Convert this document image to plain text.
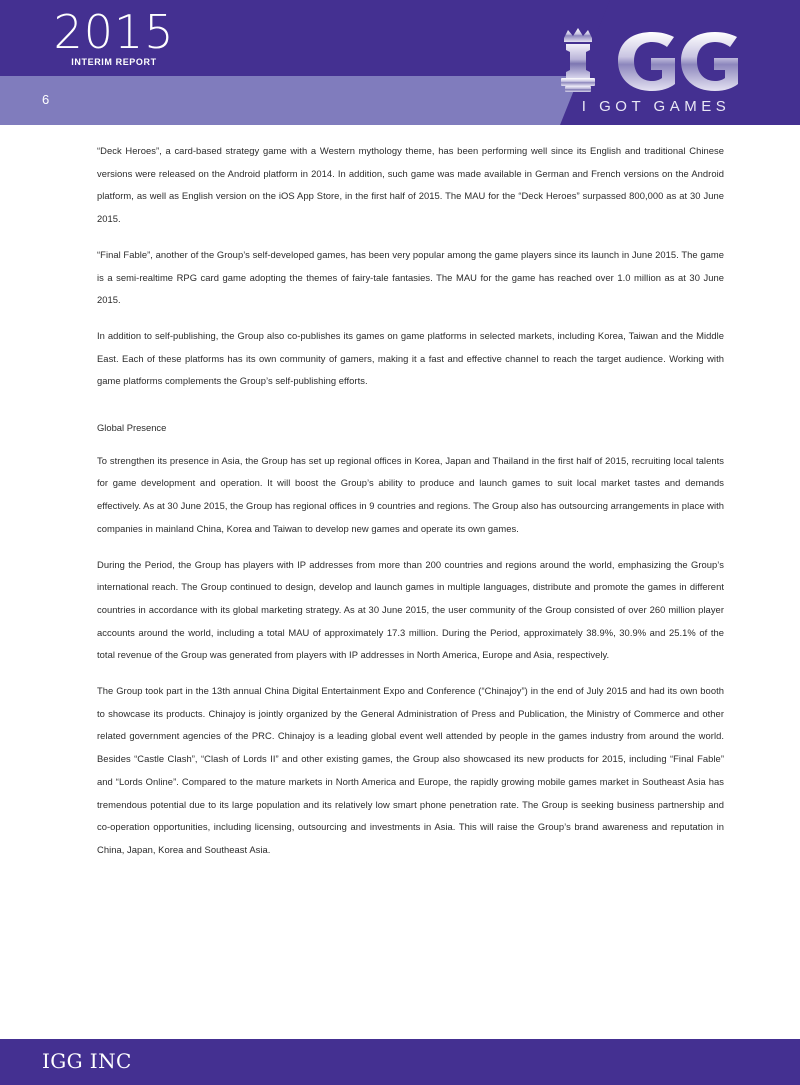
2015
INTERIM REPORT
6	I GOT GAMES

“Deck Heroes”, a card-based strategy game with a Western mythology theme, has been performing well since its English and traditional Chinese versions were released on the Android platform in 2014. In addition, such game was made available in German and French versions on the Android platform, as well as English version on the iOS App Store, in the first half of 2015. The MAU for the “Deck Heroes” surpassed 800,000 as at 30 June 2015.

“Final Fable”, another of the Group’s self-developed games, has been very popular among the game players since its launch in June 2015. The game is a semi-realtime RPG card game adopting the themes of fairy-tale fantasies. The MAU for the game has reached over 1.0 million as at 30 June 2015.

In addition to self-publishing, the Group also co-publishes its games on game platforms in selected markets, including Korea, Taiwan and the Middle East. Each of these platforms has its own community of gamers, making it a fast and effective channel to reach the target audience. Working with game platforms complements the Group’s self-publishing efforts.

Global Presence

To strengthen its presence in Asia, the Group has set up regional offices in Korea, Japan and Thailand in the first half of 2015, recruiting local talents for game development and operation. It will boost the Group’s ability to produce and launch games to suit local market tastes and demands effectively. As at 30 June 2015, the Group has regional offices in 9 countries and regions. The Group also has outsourcing arrangements in place with companies in mainland China, Korea and Taiwan to develop new games and operate its own games.

During the Period, the Group has players with IP addresses from more than 200 countries and regions around the world, emphasizing the Group’s international reach. The Group continued to design, develop and launch games in multiple languages, distribute and promote the games in different countries in accordance with its global marketing strategy. As at 30 June 2015, the user community of the Group consisted of over 260 million player accounts around the world, including a total MAU of approximately 17.3 million. During the Period, approximately 38.9%, 30.9% and 25.1% of the total revenue of the Group was generated from players with IP addresses in North America, Europe and Asia, respectively.

The Group took part in the 13th annual China Digital Entertainment Expo and Conference (“Chinajoy”) in the end of July 2015 and had its own booth to showcase its products. Chinajoy is jointly organized by the General Administration of Press and Publication, the Ministry of Commerce and other related government agencies of the PRC. Chinajoy is a leading global event well attended by people in the games industry from around the world. Besides “Castle Clash”, “Clash of Lords II” and other existing games, the Group also showcased its new products for 2015, including “Final Fable” and “Lords Online”. Compared to the mature markets in North America and Europe, the rapidly growing mobile games market in Southeast Asia has tremendous potential due to its large population and its relatively low smart phone penetration rate. The Group is seeking business partnership and co-operation opportunities, including licensing, outsourcing and investments in Asia. This will raise the Group’s brand awareness and reputation in China, Japan, Korea and Southeast Asia.

IGG INC
